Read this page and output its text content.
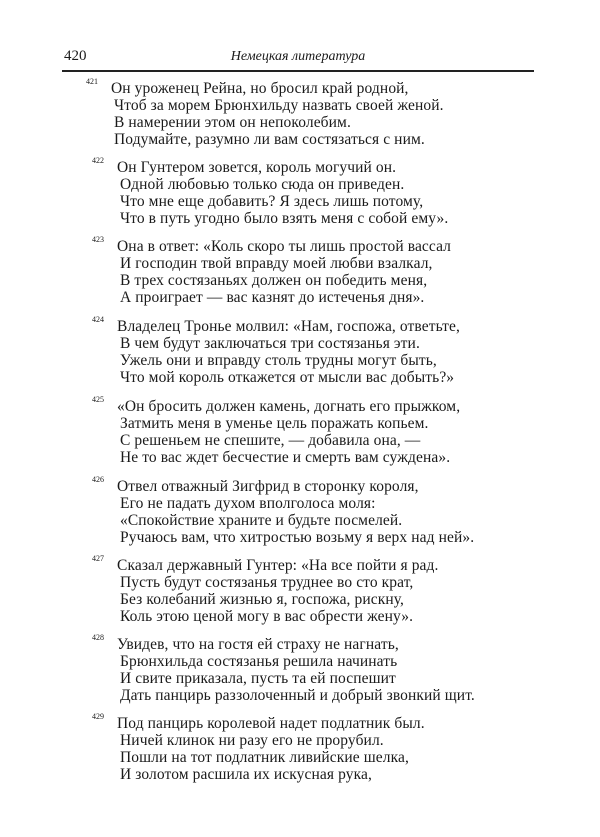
420	Немецкая литература
421 Он уроженец Рейна, но бросил край родной,
Чтоб за морем Брюнхильду назвать своей женой.
В намерении этом он непоколебим.
Подумайте, разумно ли вам состязаться с ним.
422 Он Гунтером зовется, король могучий он.
Одной любовью только сюда он приведен.
Что мне еще добавить? Я здесь лишь потому,
Что в путь угодно было взять меня с собой ему».
423 Она в ответ: «Коль скоро ты лишь простой вассал
И господин твой вправду моей любви взалкал,
В трех состязаньях должен он победить меня,
А проиграет — вас казнят до истеченья дня».
424 Владелец Тронье молвил: «Нам, госпожа, ответьте,
В чем будут заключаться три состязанья эти.
Ужель они и вправду столь трудны могут быть,
Что мой король откажется от мысли вас добыть?»
425 «Он бросить должен камень, догнать его прыжком,
Затмить меня в уменье цель поражать копьем.
С решеньем не спешите, — добавила она, —
Не то вас ждет бесчестие и смерть вам суждена».
426 Отвел отважный Зигфрид в сторонку короля,
Его не падать духом вполголоса моля:
«Спокойствие храните и будьте посмелей.
Ручаюсь вам, что хитростью возьму я верх над ней».
427 Сказал державный Гунтер: «На все пойти я рад.
Пусть будут состязанья труднее во сто крат,
Без колебаний жизнью я, госпожа, рискну,
Коль этою ценой могу в вас обрести жену».
428 Увидев, что на гостя ей страху не нагнать,
Брюнхильда состязанья решила начинать
И свите приказала, пусть та ей поспешит
Дать панцирь раззолоченный и добрый звонкий щит.
429 Под панцирь королевой надет подлатник был.
Ничей клинок ни разу его не прорубил.
Пошли на тот подлатник ливийские шелка,
И золотом расшила их искусная рука,
